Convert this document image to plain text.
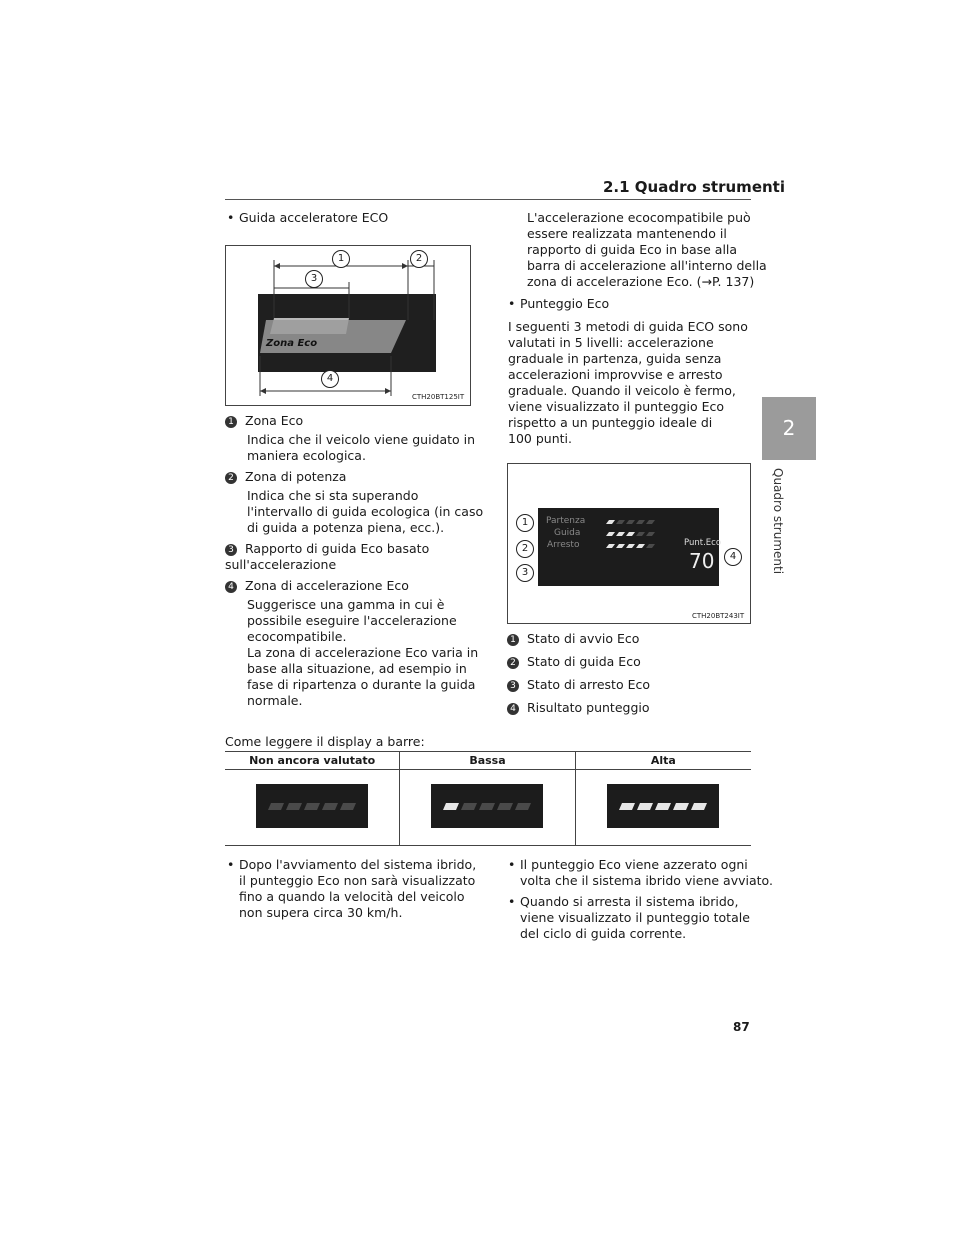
2.1 Quadro strumenti
2
Quadro strumenti
• Guida acceleratore ECO
Zona Eco
1	2
3
4
CTH20BT125IT
1 Zona Eco
Indica che il veicolo viene guidato in
maniera ecologica.
2 Zona di potenza
Indica che si sta superando
l'intervallo di guida ecologica (in caso
di guida a potenza piena, ecc.).
3 Rapporto di guida Eco basato
sull'accelerazione
4 Zona di accelerazione Eco
Suggerisce una gamma in cui è
possibile eseguire l'accelerazione
ecocompatibile.
La zona di accelerazione Eco varia in
base alla situazione, ad esempio in
fase di ripartenza o durante la guida
normale.
L'accelerazione ecocompatibile può
essere realizzata mantenendo il
rapporto di guida Eco in base alla
barra di accelerazione all'interno della
zona di accelerazione Eco. (→P. 137)
• Punteggio Eco
I seguenti 3 metodi di guida ECO sono
valutati in 5 livelli: accelerazione
graduale in partenza, guida senza
accelerazioni improvvise e arresto
graduale. Quando il veicolo è fermo,
viene visualizzato il punteggio Eco
rispetto a un punteggio ideale di
100 punti.
Partenza
Guida
Arresto	Punt.Eco
70
1
2
3
4
CTH20BT243IT
1 Stato di avvio Eco
2 Stato di guida Eco
3 Stato di arresto Eco
4 Risultato punteggio
Come leggere il display a barre:
Non ancora valutato	Bassa	Alta

• Dopo l'avviamento del sistema ibrido,
il punteggio Eco non sarà visualizzato
fino a quando la velocità del veicolo
non supera circa 30 km/h.
• Il punteggio Eco viene azzerato ogni
volta che il sistema ibrido viene avviato.
• Quando si arresta il sistema ibrido,
viene visualizzato il punteggio totale
del ciclo di guida corrente.
87
